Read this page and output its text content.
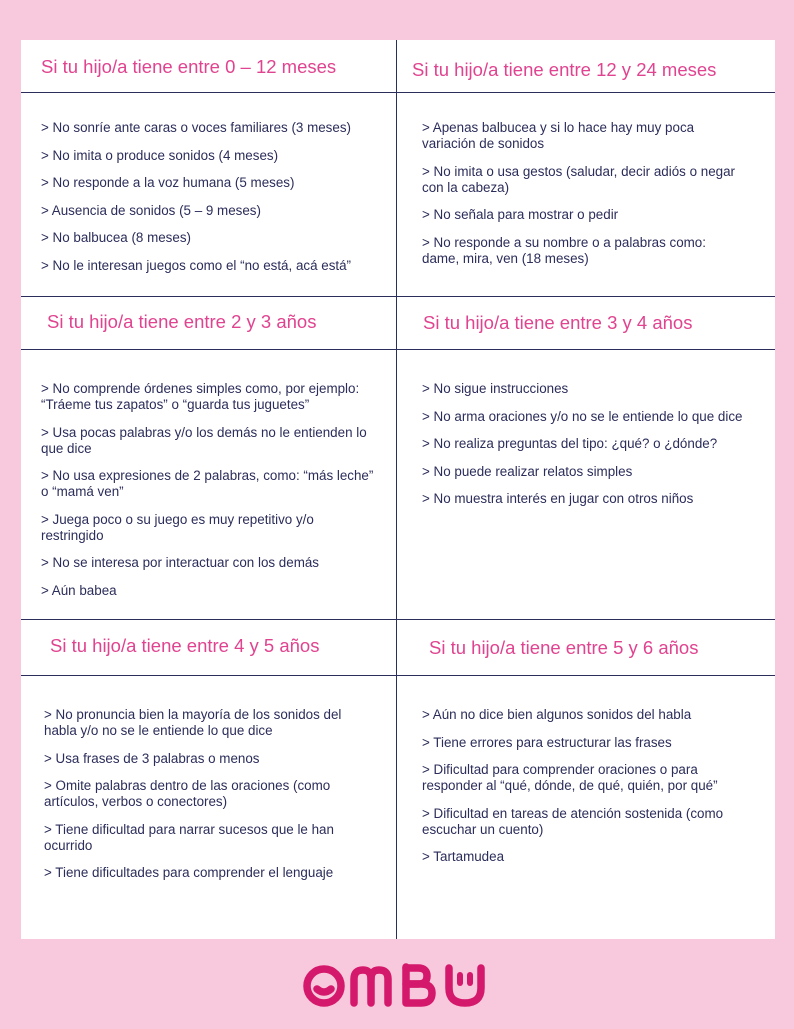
Si tu hijo/a tiene entre 0 – 12 meses
> No sonríe ante caras o voces familiares (3 meses)
> No imita o produce sonidos (4 meses)
> No responde a la voz humana (5 meses)
> Ausencia de sonidos (5 – 9 meses)
> No balbucea (8 meses)
> No le interesan juegos como el “no está, acá está”
Si tu hijo/a tiene entre 12 y 24 meses
> Apenas balbucea y si lo hace hay muy poca variación de sonidos
> No imita o usa gestos (saludar, decir adiós o negar con la cabeza)
> No señala para mostrar o pedir
> No responde a su nombre o a palabras como: dame, mira, ven (18 meses)
Si tu hijo/a tiene entre 2 y 3 años
> No comprende órdenes simples como, por ejemplo: “Tráeme tus zapatos” o “guarda tus juguetes”
> Usa pocas palabras y/o los demás no le entienden lo que dice
> No usa expresiones de 2 palabras, como: “más leche” o “mamá ven”
> Juega poco o su juego es muy repetitivo y/o restringido
> No se interesa por interactuar con los demás
> Aún babea
Si tu hijo/a tiene entre 3 y 4 años
> No sigue instrucciones
> No arma oraciones y/o no se le entiende lo que dice
> No realiza preguntas del tipo: ¿qué? o ¿dónde?
> No puede realizar relatos simples
> No muestra interés en jugar con otros niños
Si tu hijo/a tiene entre 4 y 5 años
> No pronuncia bien la mayoría de los sonidos del habla y/o no se le entiende lo que dice
> Usa frases de 3 palabras o menos
> Omite palabras dentro de las oraciones (como artículos, verbos o conectores)
> Tiene dificultad para narrar sucesos que le han ocurrido
> Tiene dificultades para comprender el lenguaje
Si tu hijo/a tiene entre 5 y 6 años
> Aún no dice bien algunos sonidos del habla
> Tiene errores para estructurar las frases
> Dificultad para comprender oraciones o para responder al “qué, dónde, de qué, quién, por qué”
> Dificultad en tareas de atención sostenida (como escuchar un cuento)
> Tartamudea
